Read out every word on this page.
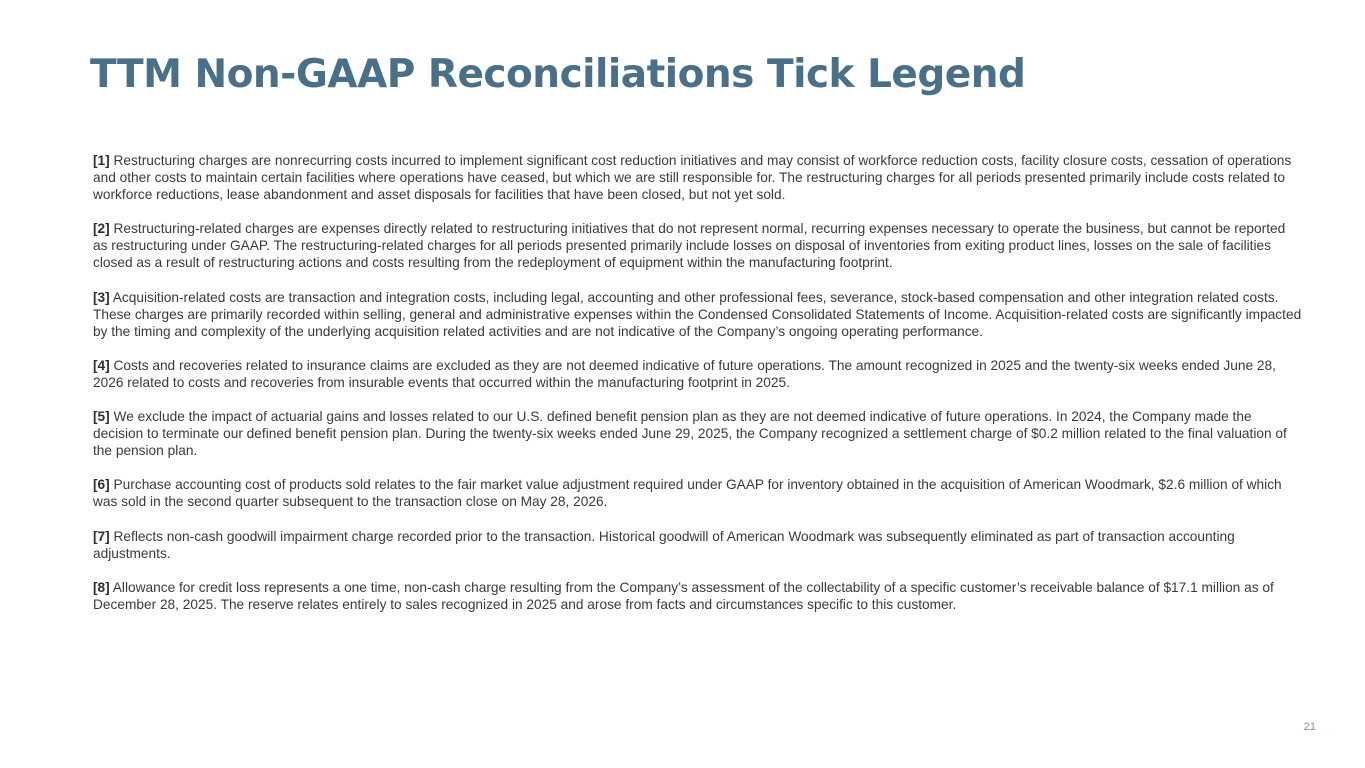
TTM Non-GAAP Reconciliations Tick Legend

[1] Restructuring charges are nonrecurring costs incurred to implement significant cost reduction initiatives and may consist of workforce reduction costs, facility closure costs, cessation of operations and other costs to maintain certain facilities where operations have ceased, but which we are still responsible for. The restructuring charges for all periods presented primarily include costs related to workforce reductions, lease abandonment and asset disposals for facilities that have been closed, but not yet sold.

[2] Restructuring-related charges are expenses directly related to restructuring initiatives that do not represent normal, recurring expenses necessary to operate the business, but cannot be reported as restructuring under GAAP. The restructuring-related charges for all periods presented primarily include losses on disposal of inventories from exiting product lines, losses on the sale of facilities closed as a result of restructuring actions and costs resulting from the redeployment of equipment within the manufacturing footprint.

[3] Acquisition-related costs are transaction and integration costs, including legal, accounting and other professional fees, severance, stock-based compensation and other integration related costs. These charges are primarily recorded within selling, general and administrative expenses within the Condensed Consolidated Statements of Income. Acquisition-related costs are significantly impacted by the timing and complexity of the underlying acquisition related activities and are not indicative of the Company’s ongoing operating performance.

[4] Costs and recoveries related to insurance claims are excluded as they are not deemed indicative of future operations. The amount recognized in 2025 and the twenty-six weeks ended June 28, 2026 related to costs and recoveries from insurable events that occurred within the manufacturing footprint in 2025.

[5] We exclude the impact of actuarial gains and losses related to our U.S. defined benefit pension plan as they are not deemed indicative of future operations. In 2024, the Company made the decision to terminate our defined benefit pension plan. During the twenty-six weeks ended June 29, 2025, the Company recognized a settlement charge of $0.2 million related to the final valuation of the pension plan.

[6] Purchase accounting cost of products sold relates to the fair market value adjustment required under GAAP for inventory obtained in the acquisition of American Woodmark, $2.6 million of which was sold in the second quarter subsequent to the transaction close on May 28, 2026.

[7] Reflects non-cash goodwill impairment charge recorded prior to the transaction. Historical goodwill of American Woodmark was subsequently eliminated as part of transaction accounting adjustments.

[8] Allowance for credit loss represents a one time, non-cash charge resulting from the Company’s assessment of the collectability of a specific customer’s receivable balance of $17.1 million as of December 28, 2025. The reserve relates entirely to sales recognized in 2025 and arose from facts and circumstances specific to this customer.

21
